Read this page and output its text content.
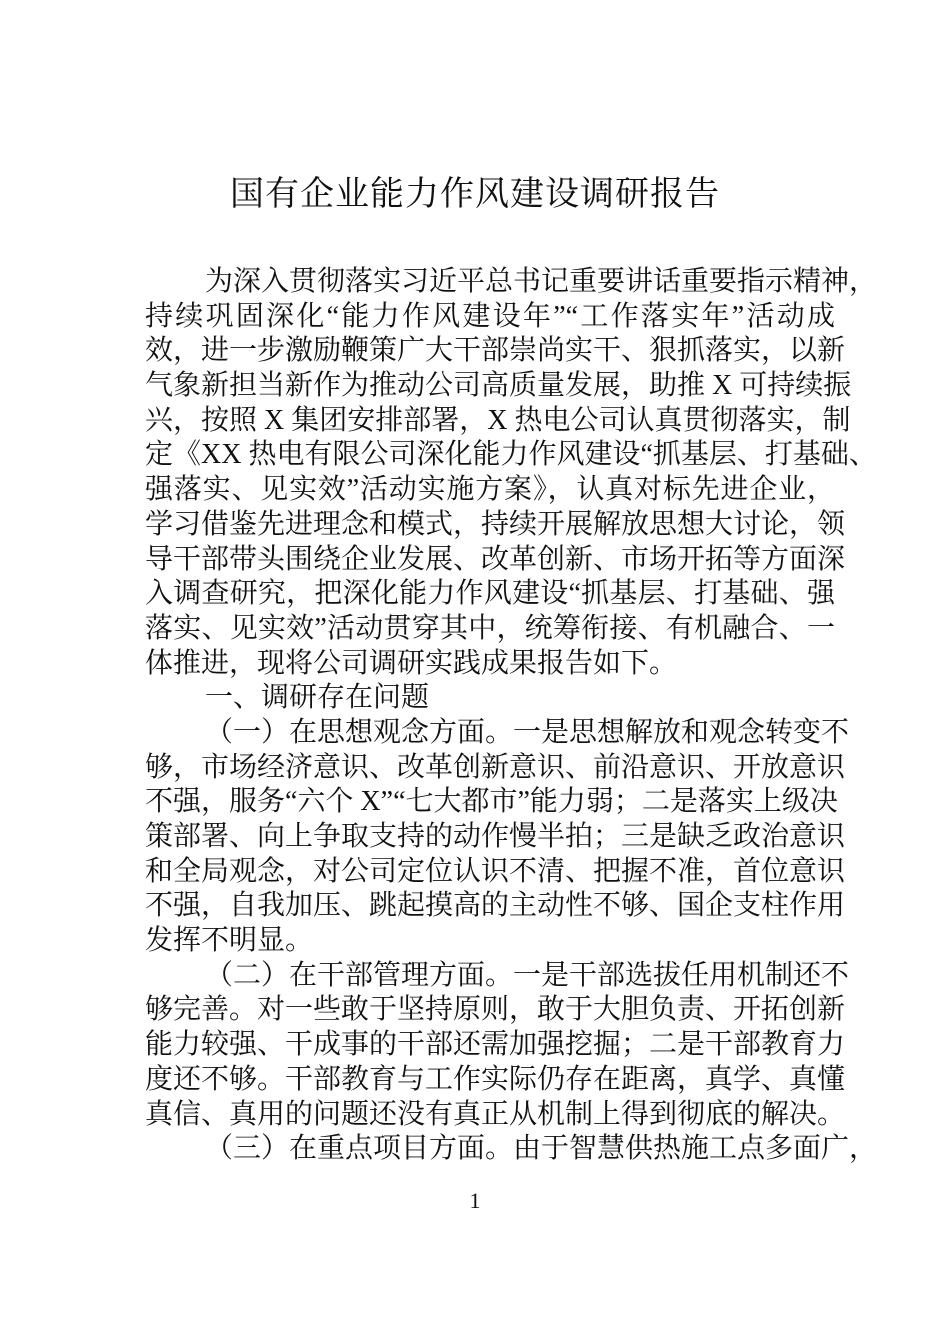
国有企业能力作风建设调研报告
为深入贯彻落实习近平总书记重要讲话重要指示精神，
持续巩固深化“能力作风建设年”“工作落实年”活动成
效，进一步激励鞭策广大干部崇尚实干、狠抓落实，以新
气象新担当新作为推动公司高质量发展，助推 X 可持续振
兴，按照 X 集团安排部署，X 热电公司认真贯彻落实，制
定《XX 热电有限公司深化能力作风建设“抓基层、打基础、
强落实、见实效”活动实施方案》，认真对标先进企业，
学习借鉴先进理念和模式，持续开展解放思想大讨论，领
导干部带头围绕企业发展、改革创新、市场开拓等方面深
入调查研究，把深化能力作风建设“抓基层、打基础、强
落实、见实效”活动贯穿其中，统筹衔接、有机融合、一
体推进，现将公司调研实践成果报告如下。
一、调研存在问题
（一）在思想观念方面。一是思想解放和观念转变不
够，市场经济意识、改革创新意识、前沿意识、开放意识
不强，服务“六个 X”“七大都市”能力弱；二是落实上级决
策部署、向上争取支持的动作慢半拍；三是缺乏政治意识
和全局观念，对公司定位认识不清、把握不准，首位意识
不强，自我加压、跳起摸高的主动性不够、国企支柱作用
发挥不明显。
（二）在干部管理方面。一是干部选拔任用机制还不
够完善。对一些敢于坚持原则，敢于大胆负责、开拓创新
能力较强、干成事的干部还需加强挖掘；二是干部教育力
度还不够。干部教育与工作实际仍存在距离，真学、真懂
真信、真用的问题还没有真正从机制上得到彻底的解决。
（三）在重点项目方面。由于智慧供热施工点多面广，
1
